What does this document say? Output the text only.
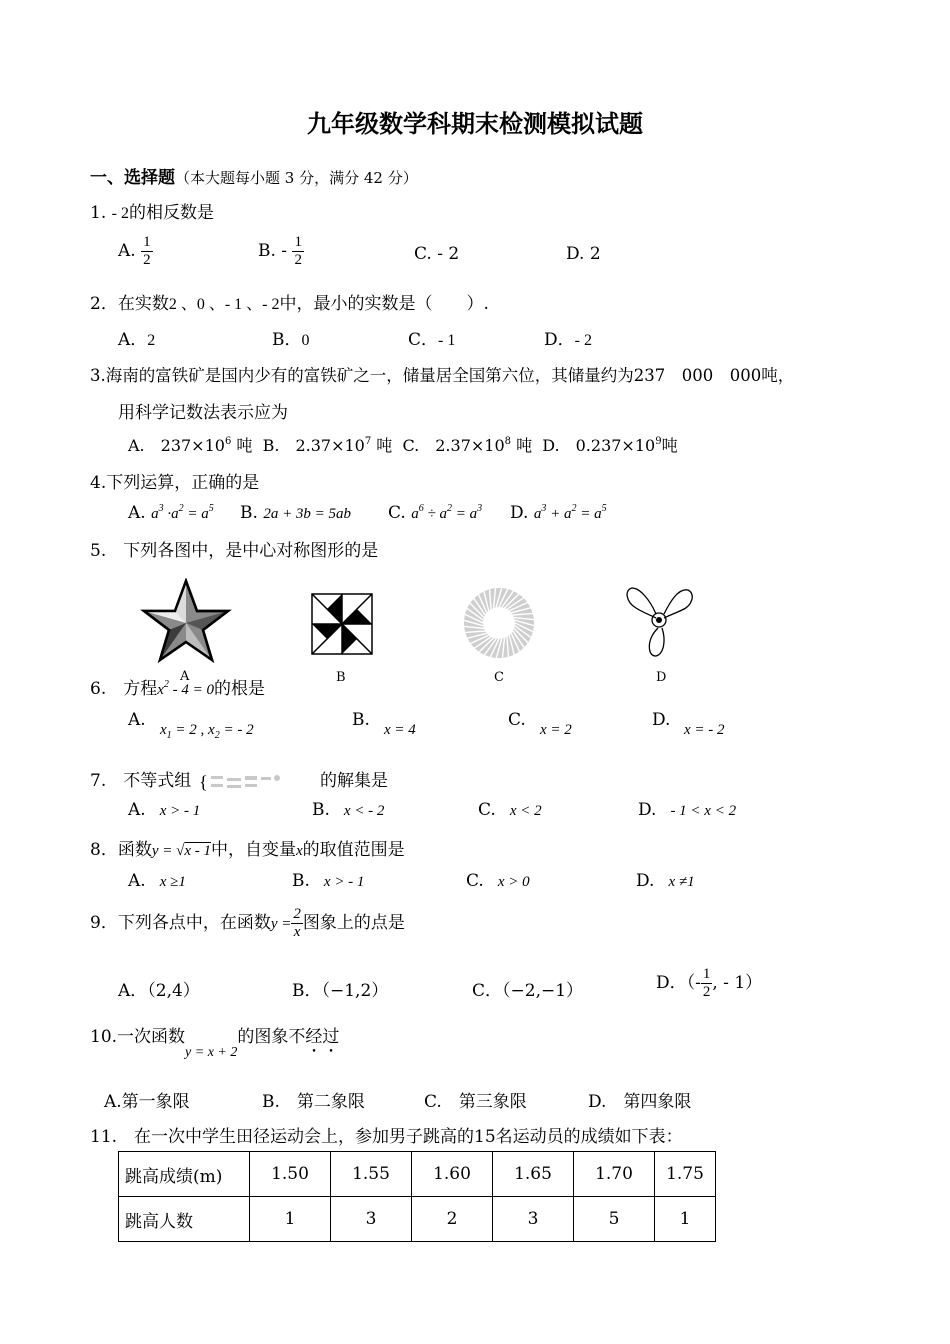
九年级数学科期末检测模拟试题
一、选择题（本大题每小题 3 分，满分 42 分）
1. - 2的相反数是
A. $\frac{1}{2}$	B. - $\frac{1}{2}$	C. - 2	D. 2
2．在实数2 、0 、- 1 、- 2中，最小的实数是（　　）.
A．2	B．0	C．- 1	D．- 2
3.海南的富铁矿是国内少有的富铁矿之一，储量居全国第六位，其储量约为237　000　000吨，
用科学记数法表示应为
A.　$237\times 10^6$ 吨 B.　$2.37\times 10^7$ 吨 C.　$2.37\times 10^8$ 吨 D.　$0.237\times 10^9$吨
4.下列运算，正确的是
A. $a^3 \cdot a^2 = a^5$ B. 2a + 3b = 5ab C. $a^6 \div a^2 = a^3$ D. $a^3 + a^2 = a^5$
5.　下列各图中，是中心对称图形的是
A	B	C	D
6.　方程$x^2 - 4 = 0$的根是
A. $x_1 = 2$ , $x_2$ = - 2	B. x = 4	C. x = 2	D. x = - 2
7.　不等式组 {	的解集是
A. x > - 1	B. x < - 2	C. x < 2	D. - 1 < x < 2
8．函数y = √x - 1中，自变量x的取值范围是
A. x ≥1	B. x > - 1	C. x > 0	D. x ≠1
9．下列各点中，在函数$y = \frac{2}{x}$ 图象上的点是
A．（2,4）	B．（−1,2）	C．（−2,−1）	D．（- $\frac{1}{2}$ , - 1）
10.一次函数$_{y = x + 2}$的图象不经过
A.第一象限	B.　第二象限	C.　第三象限	D.　第四象限
11.　在一次中学生田径运动会上，参加男子跳高的15名运动员的成绩如下表：
跳高成绩(m)	1.50	1.55	1.60	1.65	1.70	1.75
跳高人数	1	3	2	3	5	1
